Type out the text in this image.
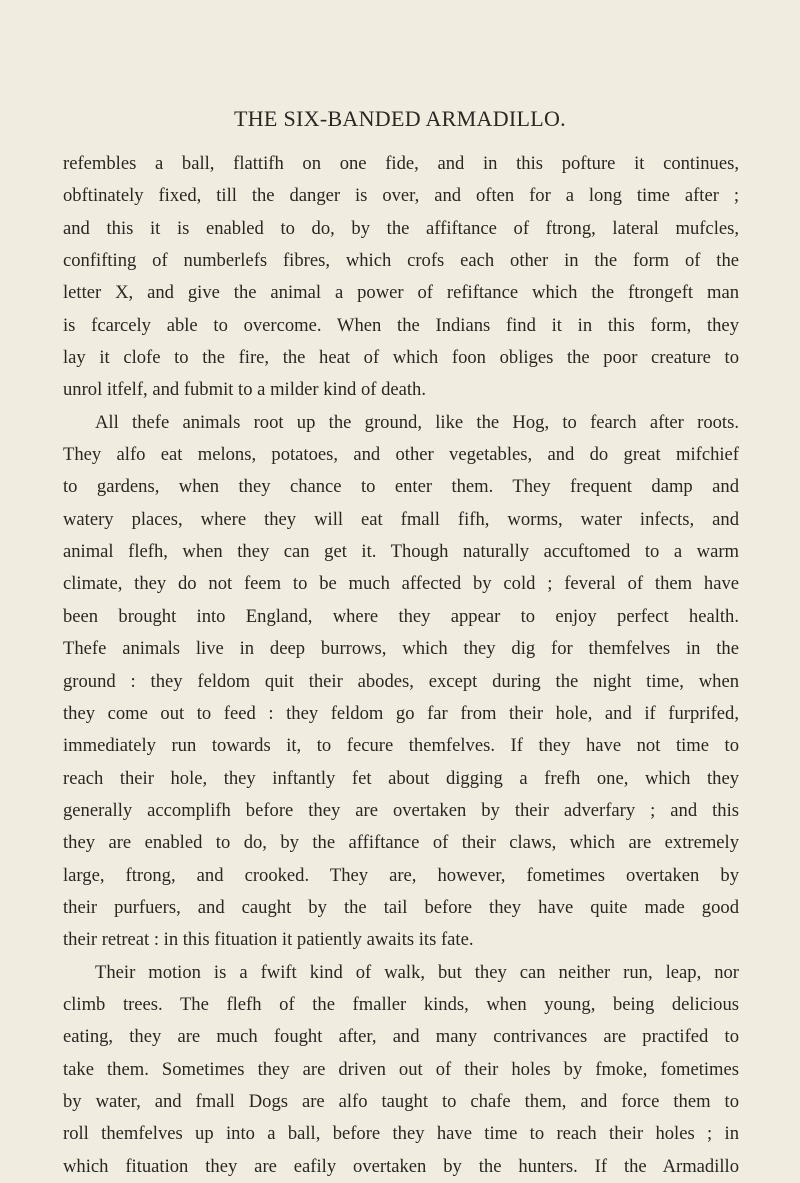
THE SIX-BANDED ARMADILLO.
refembles a ball, flattifh on one fide, and in this pofture it continues,
obftinately fixed, till the danger is over, and often for a long time after ;
and this it is enabled to do, by the affiftance of ftrong, lateral mufcles,
confifting of numberlefs fibres, which crofs each other in the form of the
letter X, and give the animal a power of refiftance which the ftrongeft man
is fcarcely able to overcome. When the Indians find it in this form, they
lay it clofe to the fire, the heat of which foon obliges the poor creature to
unrol itfelf, and fubmit to a milder kind of death.
All thefe animals root up the ground, like the Hog, to fearch after roots.
They alfo eat melons, potatoes, and other vegetables, and do great mifchief
to gardens, when they chance to enter them. They frequent damp and
watery places, where they will eat fmall fifh, worms, water infects, and
animal flefh, when they can get it. Though naturally accuftomed to a warm
climate, they do not feem to be much affected by cold ; feveral of them have
been brought into England, where they appear to enjoy perfect health.
Thefe animals live in deep burrows, which they dig for themfelves in the
ground : they feldom quit their abodes, except during the night time, when
they come out to feed : they feldom go far from their hole, and if furprifed,
immediately run towards it, to fecure themfelves. If they have not time to
reach their hole, they inftantly fet about digging a frefh one, which they
generally accomplifh before they are overtaken by their adverfary ; and this
they are enabled to do, by the affiftance of their claws, which are extremely
large, ftrong, and crooked. They are, however, fometimes overtaken by
their purfuers, and caught by the tail before they have quite made good
their retreat : in this fituation it patiently awaits its fate.
Their motion is a fwift kind of walk, but they can neither run, leap, nor
climb trees. The flefh of the fmaller kinds, when young, being delicious
eating, they are much fought after, and many contrivances are practifed to
take them. Sometimes they are driven out of their holes by fmoke, fometimes
by water, and fmall Dogs are alfo taught to chafe them, and force them to
roll themfelves up into a ball, before they have time to reach their holes ; in
which fituation they are eafily overtaken by the hunters. If the Armadillo
